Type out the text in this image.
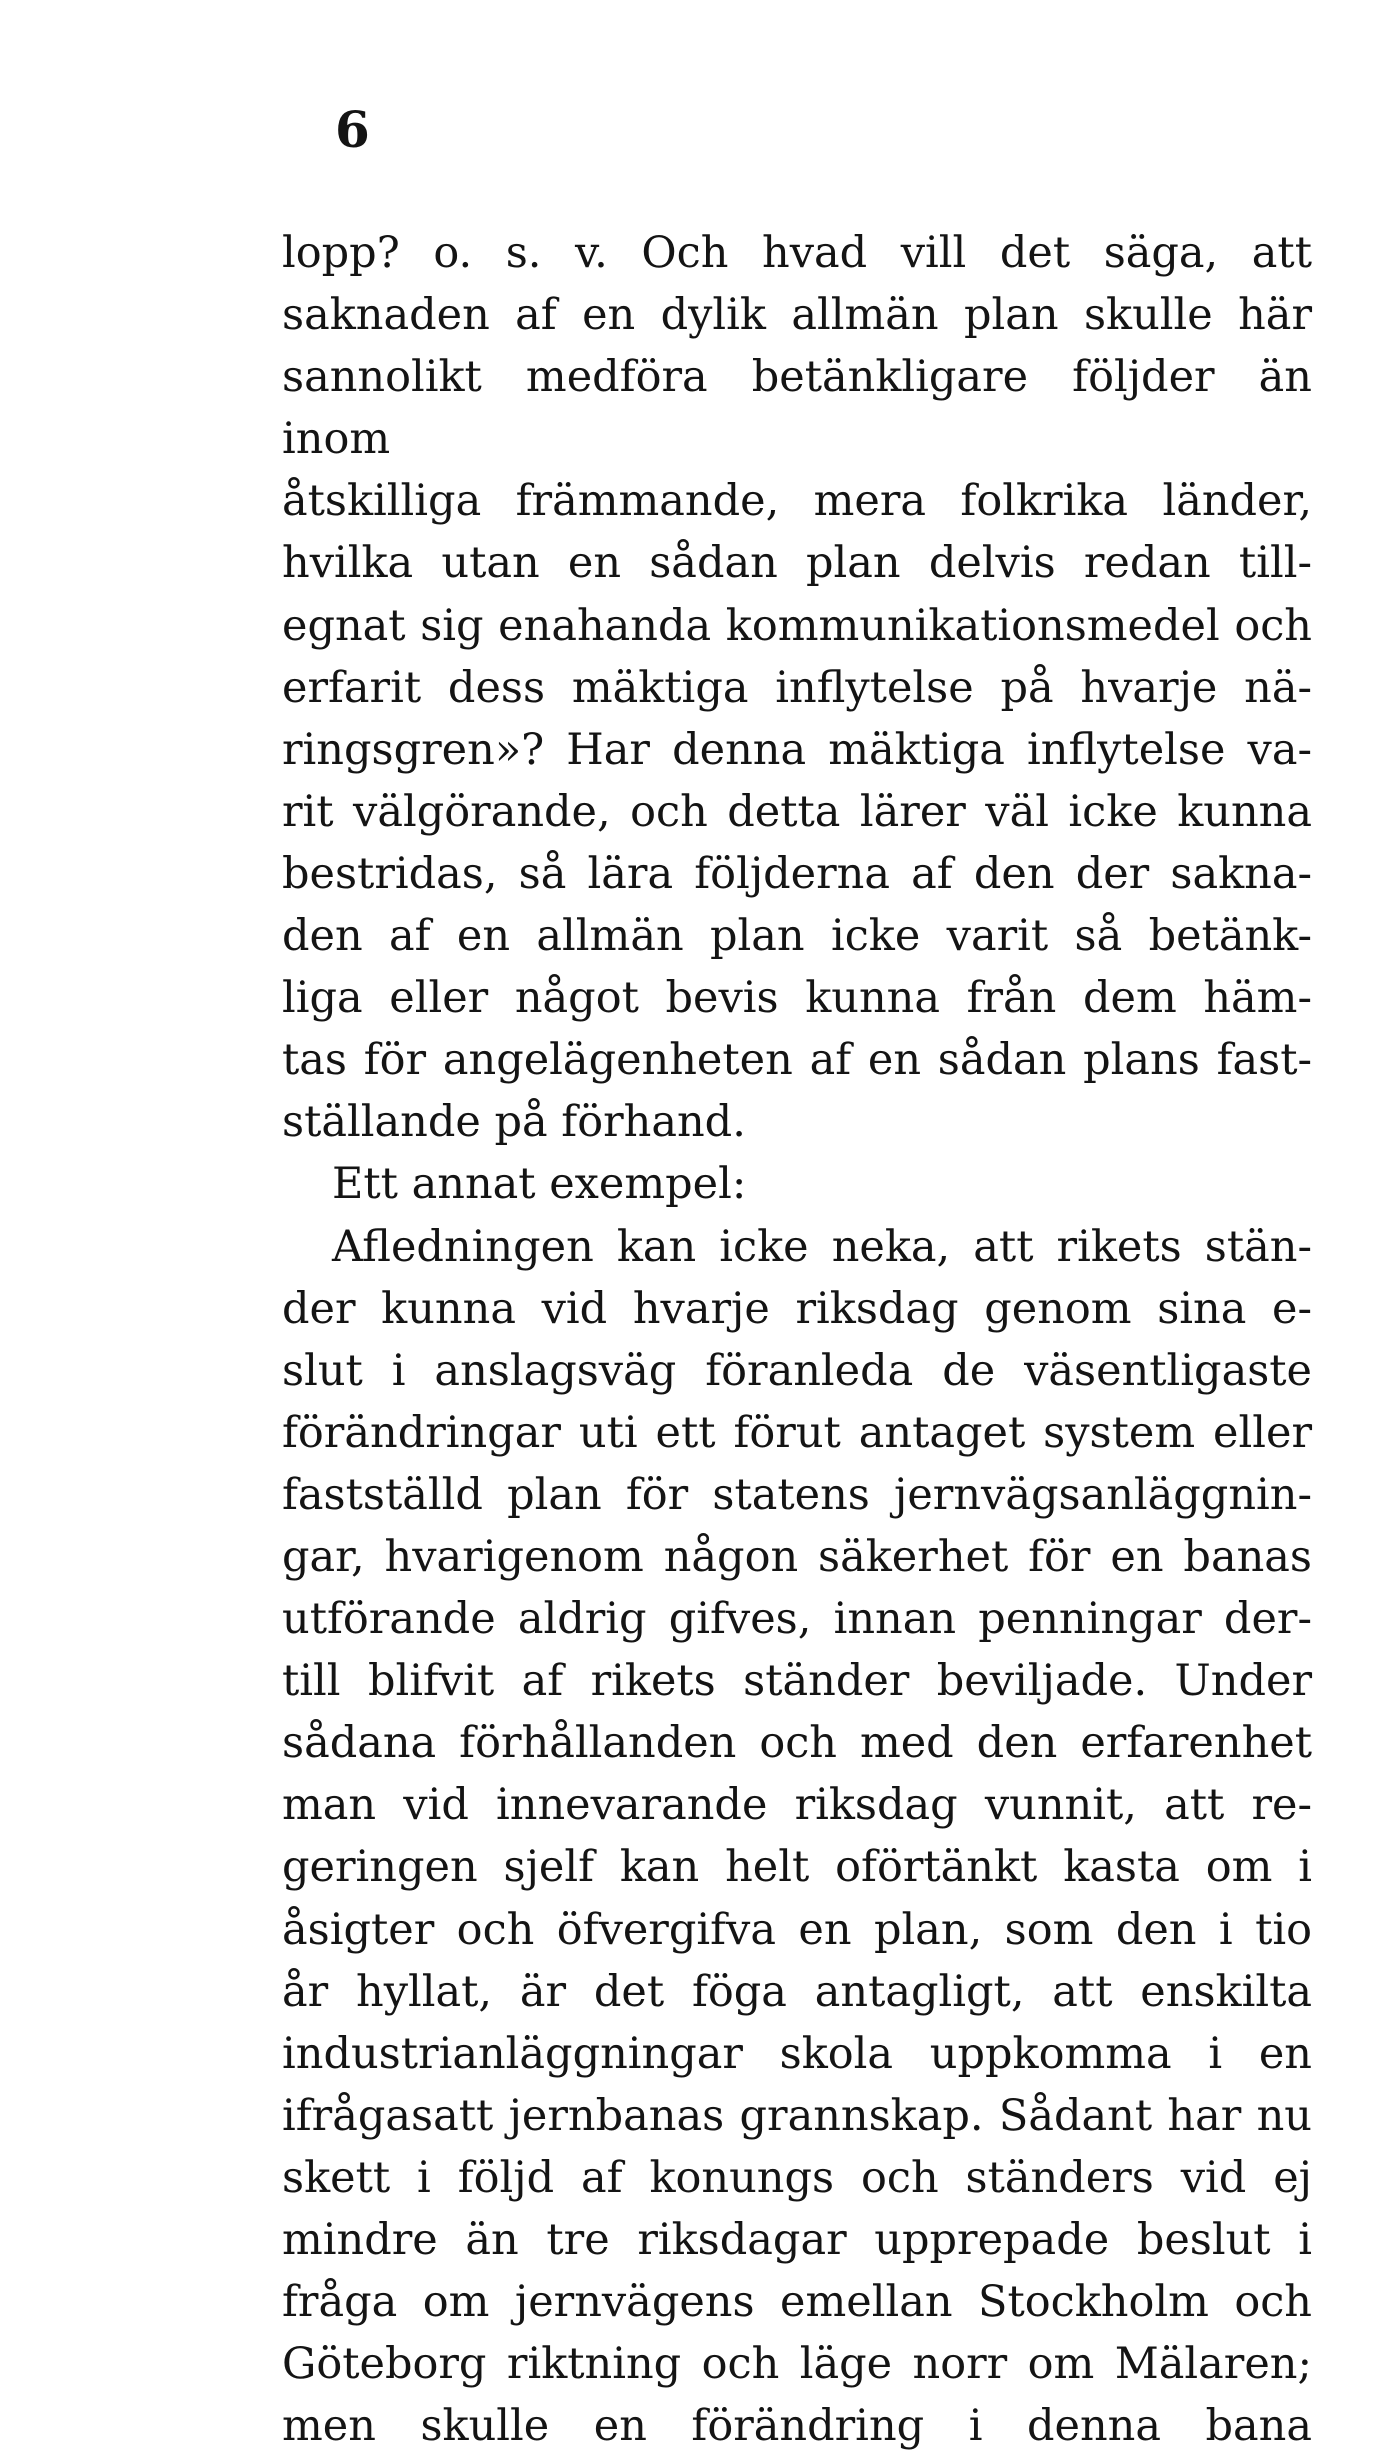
6
lopp? o. s. v. Och hvad vill det säga, att
saknaden af en dylik allmän plan skulle här
sannolikt medföra betänkligare följder än inom
åtskilliga främmande, mera folkrika länder,
hvilka utan en sådan plan delvis redan till-
egnat sig enahanda kommunikationsmedel och
erfarit dess mäktiga inflytelse på hvarje nä-
ringsgren»? Har denna mäktiga inflytelse va-
rit välgörande, och detta lärer väl icke kunna
bestridas, så lära följderna af den der sakna-
den af en allmän plan icke varit så betänk-
liga eller något bevis kunna från dem häm-
tas för angelägenheten af en sådan plans fast-
ställande på förhand.
Ett annat exempel:
Afledningen kan icke neka, att rikets stän-
der kunna vid hvarje riksdag genom sina e-
slut i anslagsväg föranleda de väsentligaste
förändringar uti ett förut antaget system eller
fastställd plan för statens jernvägsanläggnin-
gar, hvarigenom någon säkerhet för en banas
utförande aldrig gifves, innan penningar der-
till blifvit af rikets ständer beviljade. Under
sådana förhållanden och med den erfarenhet
man vid innevarande riksdag vunnit, att re-
geringen sjelf kan helt oförtänkt kasta om i
åsigter och öfvergifva en plan, som den i tio
år hyllat, är det föga antagligt, att enskilta
industrianläggningar skola uppkomma i en
ifrågasatt jernbanas grannskap. Sådant har nu
skett i följd af konungs och ständers vid ej
mindre än tre riksdagar upprepade beslut i
fråga om jernvägens emellan Stockholm och
Göteborg riktning och läge norr om Mälaren;
men skulle en förändring i denna bana
